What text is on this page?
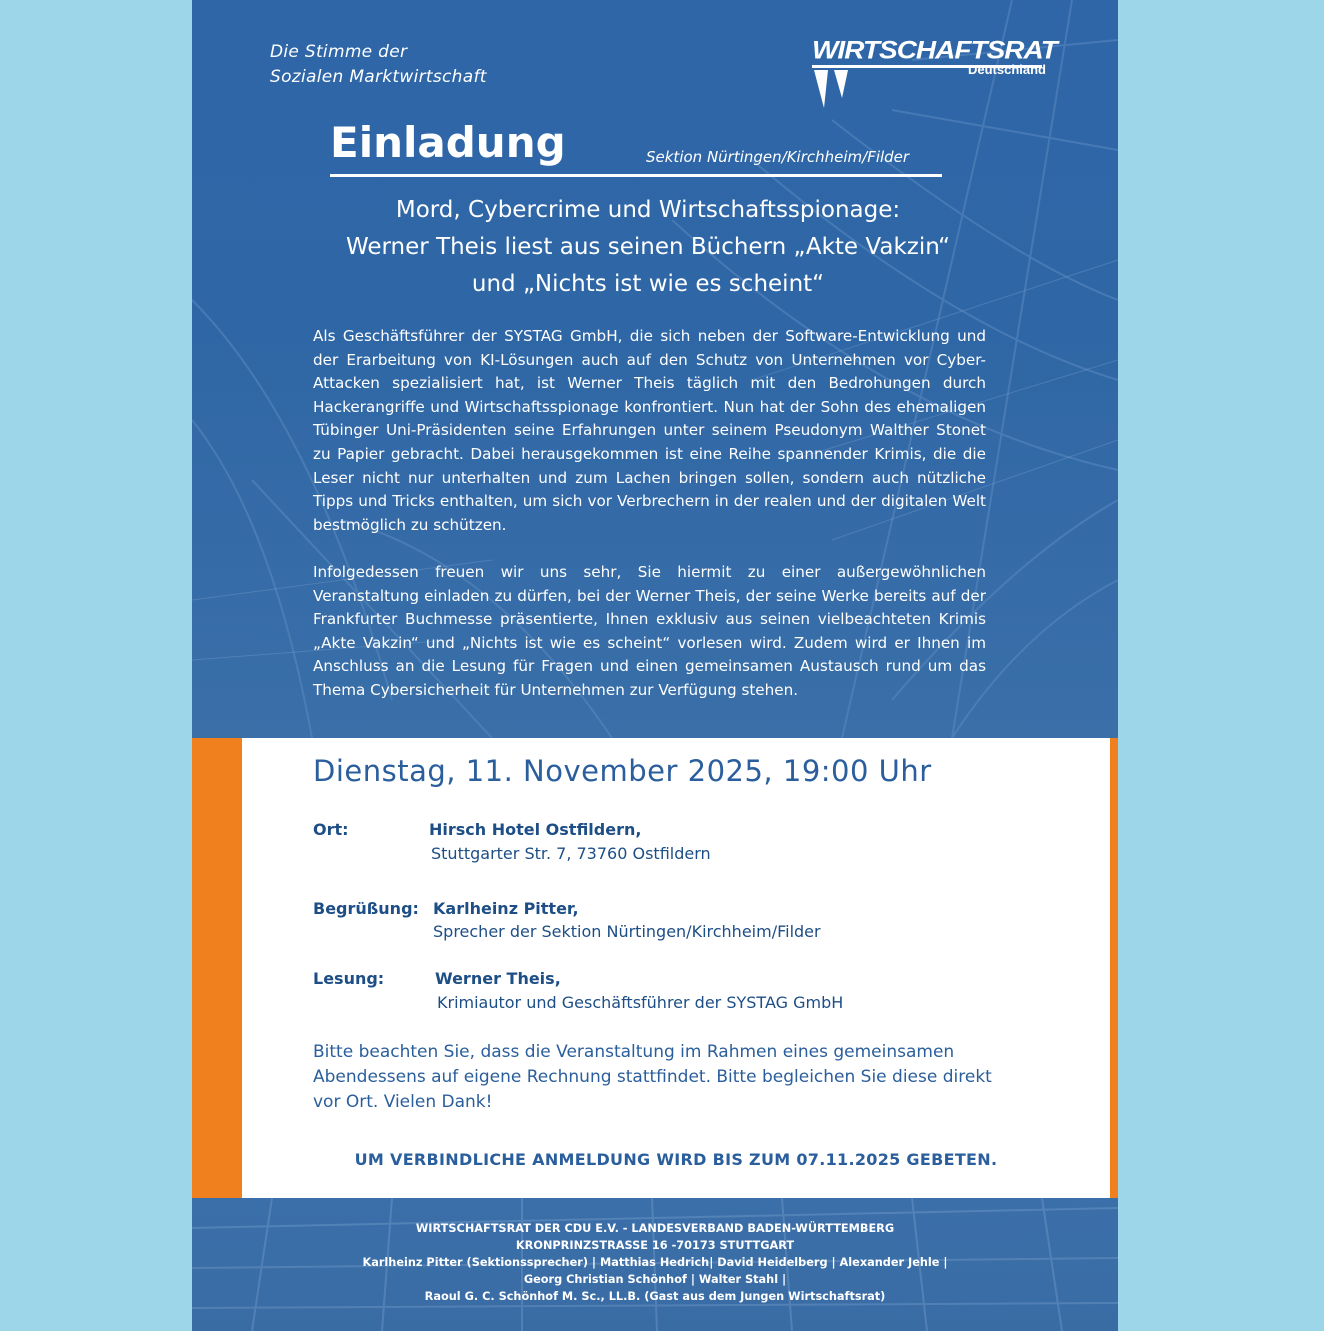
Die Stimme der
Sozialen Marktwirtschaft
WIRTSCHAFTSRAT
Deutschland
Einladung	Sektion Nürtingen/Kirchheim/Filder
Mord, Cybercrime und Wirtschaftsspionage:
Werner Theis liest aus seinen Büchern „Akte Vakzin“
und „Nichts ist wie es scheint“
Als Geschäftsführer der SYSTAG GmbH, die sich neben der Software-Entwicklung und der Erarbeitung von KI-Lösungen auch auf den Schutz von Unternehmen vor Cyber-Attacken spezialisiert hat, ist Werner Theis täglich mit den Bedrohungen durch Hackerangriffe und Wirtschaftsspionage konfrontiert. Nun hat der Sohn des ehemaligen Tübinger Uni-Präsidenten seine Erfahrungen unter seinem Pseudonym Walther Stonet zu Papier gebracht. Dabei herausgekommen ist eine Reihe spannender Krimis, die die Leser nicht nur unterhalten und zum Lachen bringen sollen, sondern auch nützliche Tipps und Tricks enthalten, um sich vor Verbrechern in der realen und der digitalen Welt bestmöglich zu schützen.
Infolgedessen freuen wir uns sehr, Sie hiermit zu einer außergewöhnlichen Veranstaltung einladen zu dürfen, bei der Werner Theis, der seine Werke bereits auf der Frankfurter Buchmesse präsentierte, Ihnen exklusiv aus seinen vielbeachteten Krimis „Akte Vakzin“ und „Nichts ist wie es scheint“ vorlesen wird. Zudem wird er Ihnen im Anschluss an die Lesung für Fragen und einen gemeinsamen Austausch rund um das Thema Cybersicherheit für Unternehmen zur Verfügung stehen.
Dienstag, 11. November 2025, 19:00 Uhr
Ort:	Hirsch Hotel Ostfildern,
Stuttgarter Str. 7, 73760 Ostfildern
Begrüßung: Karlheinz Pitter,
Sprecher der Sektion Nürtingen/Kirchheim/Filder
Lesung:	Werner Theis,
Krimiautor und Geschäftsführer der SYSTAG GmbH
Bitte beachten Sie, dass die Veranstaltung im Rahmen eines gemeinsamen Abendessens auf eigene Rechnung stattfindet. Bitte begleichen Sie diese direkt vor Ort. Vielen Dank!
UM VERBINDLICHE ANMELDUNG WIRD BIS ZUM 07.11.2025 GEBETEN.
WIRTSCHAFTSRAT DER CDU E.V. - LANDESVERBAND BADEN-WÜRTTEMBERG
KRONPRINZSTRASSE 16 -70173 STUTTGART
Karlheinz Pitter (Sektionssprecher) | Matthias Hedrich| David Heidelberg | Alexander Jehle |
Georg Christian Schönhof | Walter Stahl |
Raoul G. C. Schönhof M. Sc., LL.B. (Gast aus dem Jungen Wirtschaftsrat)
